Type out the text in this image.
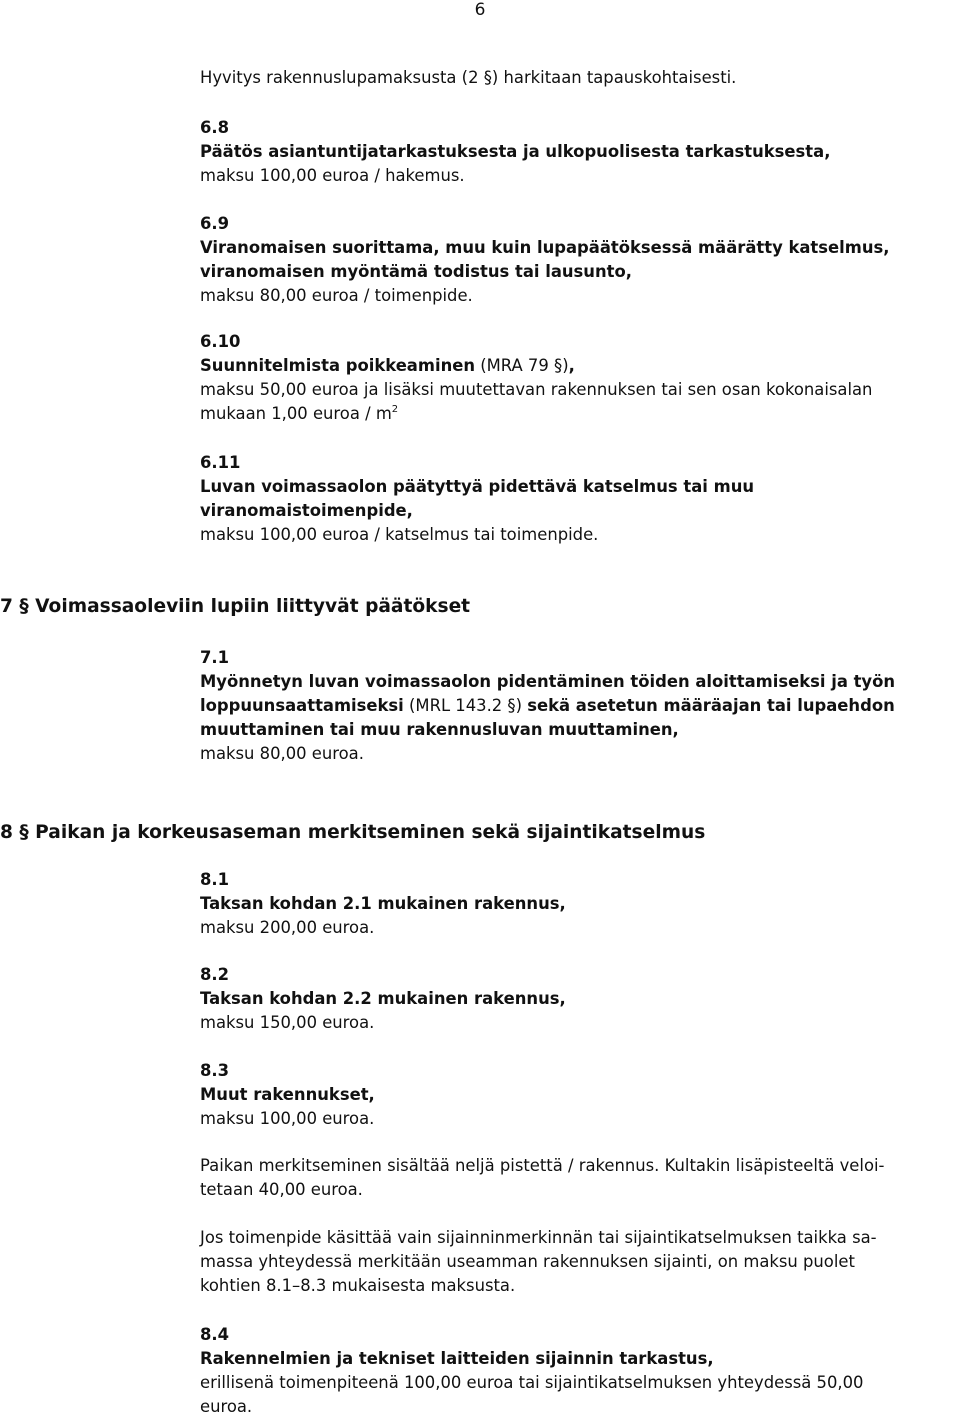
6
Hyvitys rakennuslupamaksusta (2 §) harkitaan tapauskohtaisesti.
6.8
Päätös asiantuntijatarkastuksesta ja ulkopuolisesta tarkastuksesta,
maksu 100,00 euroa / hakemus.
6.9
Viranomaisen suorittama, muu kuin lupapäätöksessä määrätty katselmus,
viranomaisen myöntämä todistus tai lausunto,
maksu 80,00 euroa / toimenpide.
6.10
Suunnitelmista poikkeaminen (MRA 79 §),
maksu 50,00 euroa ja lisäksi muutettavan rakennuksen tai sen osan kokonaisalan
mukaan 1,00 euroa / $m^2$
6.11
Luvan voimassaolon päätyttyä pidettävä katselmus tai muu
viranomaistoimenpide,
maksu 100,00 euroa / katselmus tai toimenpide.
7 § Voimassaoleviin lupiin liittyvät päätökset
7.1
Myönnetyn luvan voimassaolon pidentäminen töiden aloittamiseksi ja työn
loppuunsaattamiseksi (MRL 143.2 §) sekä asetetun määräajan tai lupaehdon
muuttaminen tai muu rakennusluvan muuttaminen,
maksu 80,00 euroa.
8 § Paikan ja korkeusaseman merkitseminen sekä sijaintikatselmus
8.1
Taksan kohdan 2.1 mukainen rakennus,
maksu 200,00 euroa.
8.2
Taksan kohdan 2.2 mukainen rakennus,
maksu 150,00 euroa.
8.3
Muut rakennukset,
maksu 100,00 euroa.
Paikan merkitseminen sisältää neljä pistettä / rakennus. Kultakin lisäpisteeltä veloi-
tetaan 40,00 euroa.
Jos toimenpide käsittää vain sijainninmerkinnän tai sijaintikatselmuksen taikka sa-
massa yhteydessä merkitään useamman rakennuksen sijainti, on maksu puolet
kohtien 8.1–8.3 mukaisesta maksusta.
8.4
Rakennelmien ja tekniset laitteiden sijainnin tarkastus,
erillisenä toimenpiteenä 100,00 euroa tai sijaintikatselmuksen yhteydessä 50,00
euroa.
